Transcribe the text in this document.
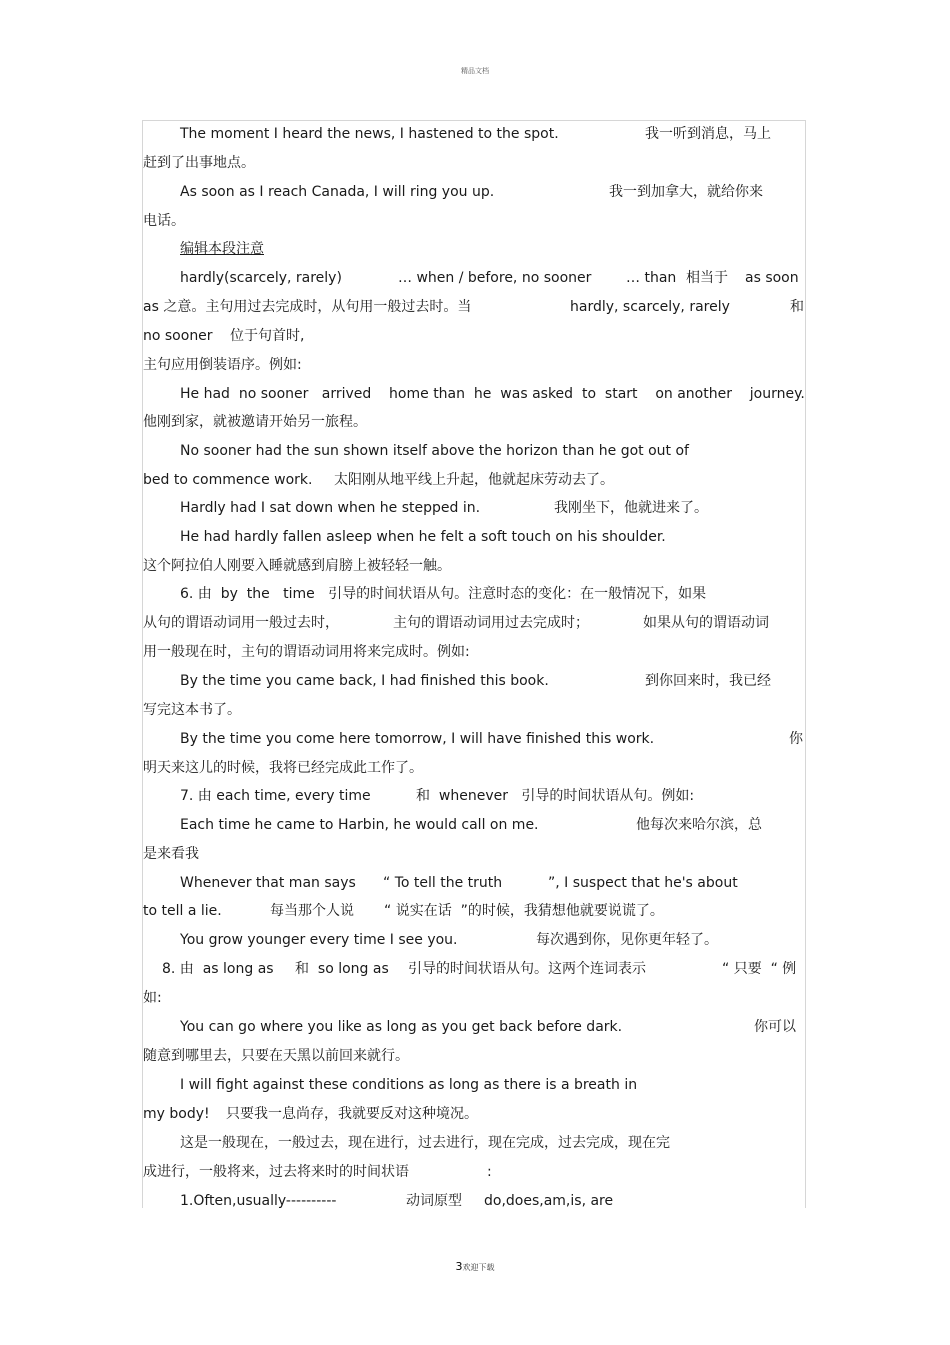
精品文档
The moment I heard the news, I hastened to the spot.	我一听到消息，马上
赶到了出事地点。
As soon as I reach Canada, I will ring you up.	我一到加拿大，就给你来
电话。
编辑本段注意
hardly(scarcely, rarely)	… when / before, no sooner … than 相当于 as soon
as 之意。主句用过去完成时，从句用一般过去时。当	hardly, scarcely, rarely	和
no sooner 位于句首时,
主句应用倒装语序。例如:
He had  no sooner   arrived    home than  he  was asked  to  start    on another    journey.
他刚到家，就被邀请开始另一旅程。
No sooner had the sun shown itself above the horizon than he got out of
bed to commence work. 太阳刚从地平线上升起，他就起床劳动去了。
Hardly had I sat down when he stepped in.	我刚坐下，他就进来了。
He had hardly fallen asleep when he felt a soft touch on his shoulder.
这个阿拉伯人刚要入睡就感到肩膀上被轻轻一触。
6. 由  by  the   time   引导的时间状语从句。注意时态的变化：在一般情况下，如果
从句的谓语动词用一般过去时，	主句的谓语动词用过去完成时；	如果从句的谓语动词
用一般现在时，主句的谓语动词用将来完成时。例如:
By the time you came back, I had finished this book.	到你回来时，我已经
写完这本书了。
By the time you come here tomorrow, I will have finished this work.	你
明天来这儿的时候，我将已经完成此工作了。
7. 由 each time, every time	和  whenever   引导的时间状语从句。例如:
Each time he came to Harbin, he would call on me.	他每次来哈尔滨，总
是来看我
Whenever that man says “ To tell the truth	”, I suspect that he's about
to tell a lie.	每当那个人说 “ 说实在话  ”的时候，我猜想他就要说谎了。
You grow younger every time I see you.	每次遇到你，见你更年轻了。
8. 由  as long as 和  so long as 引导的时间状语从句。这两个连词表示	“ 只要  “ 例
如:
You can go where you like as long as you get back before dark.	你可以
随意到哪里去，只要在天黑以前回来就行。
I will fight against these conditions as long as there is a breath in
my body! 只要我一息尚存，我就要反对这种境况。
这是一般现在，一般过去，现在进行，过去进行，现在完成，过去完成，现在完
成进行，一般将来，过去将来时的时间状语	:
1.Often,usually----------	动词原型 do,does,am,is, are
3欢迎下载
